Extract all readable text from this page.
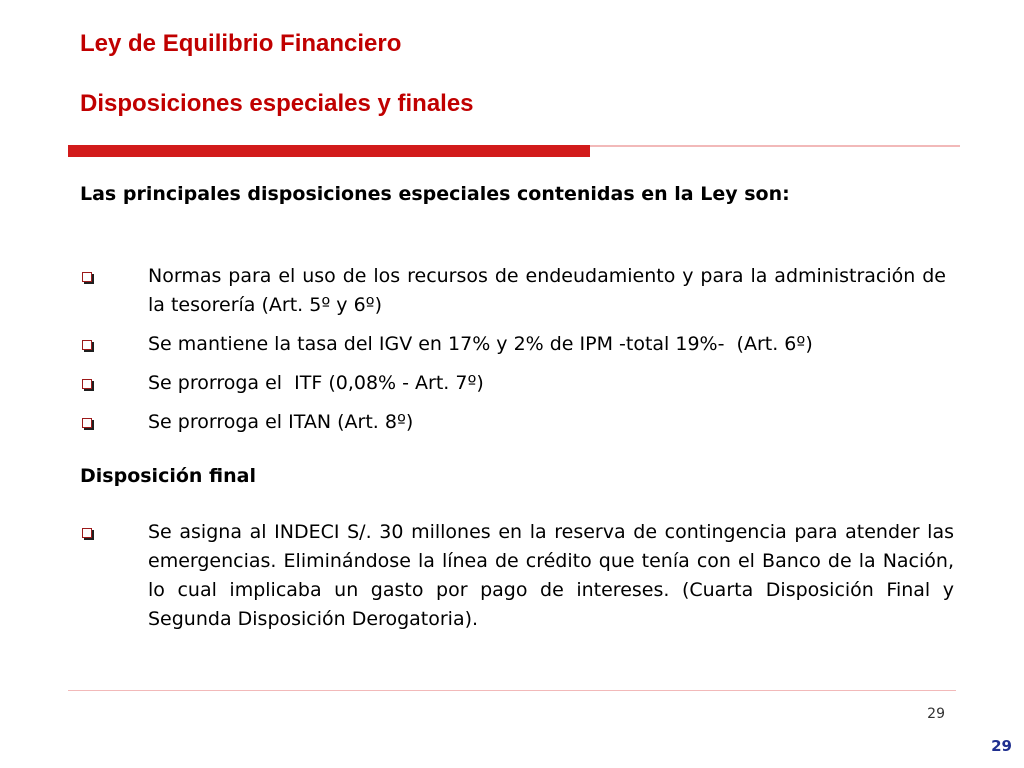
Ley de Equilibrio Financiero
Disposiciones especiales y finales

Las principales disposiciones especiales contenidas en la Ley son:

Normas para el uso de los recursos de endeudamiento y para la administración de la tesorería (Art. 5º y 6º)
Se mantiene la tasa del IGV en 17% y 2% de IPM -total 19%-  (Art. 6º)
Se prorroga el  ITF (0,08% - Art. 7º)
Se prorroga el ITAN (Art. 8º)
Disposición final
Se asigna al INDECI S/. 30 millones en la reserva de contingencia para atender las emergencias. Eliminándose la línea de crédito que tenía con el Banco de la Nación, lo cual implicaba un gasto por pago de intereses. (Cuarta Disposición Final y Segunda Disposición Derogatoria).
29
29
